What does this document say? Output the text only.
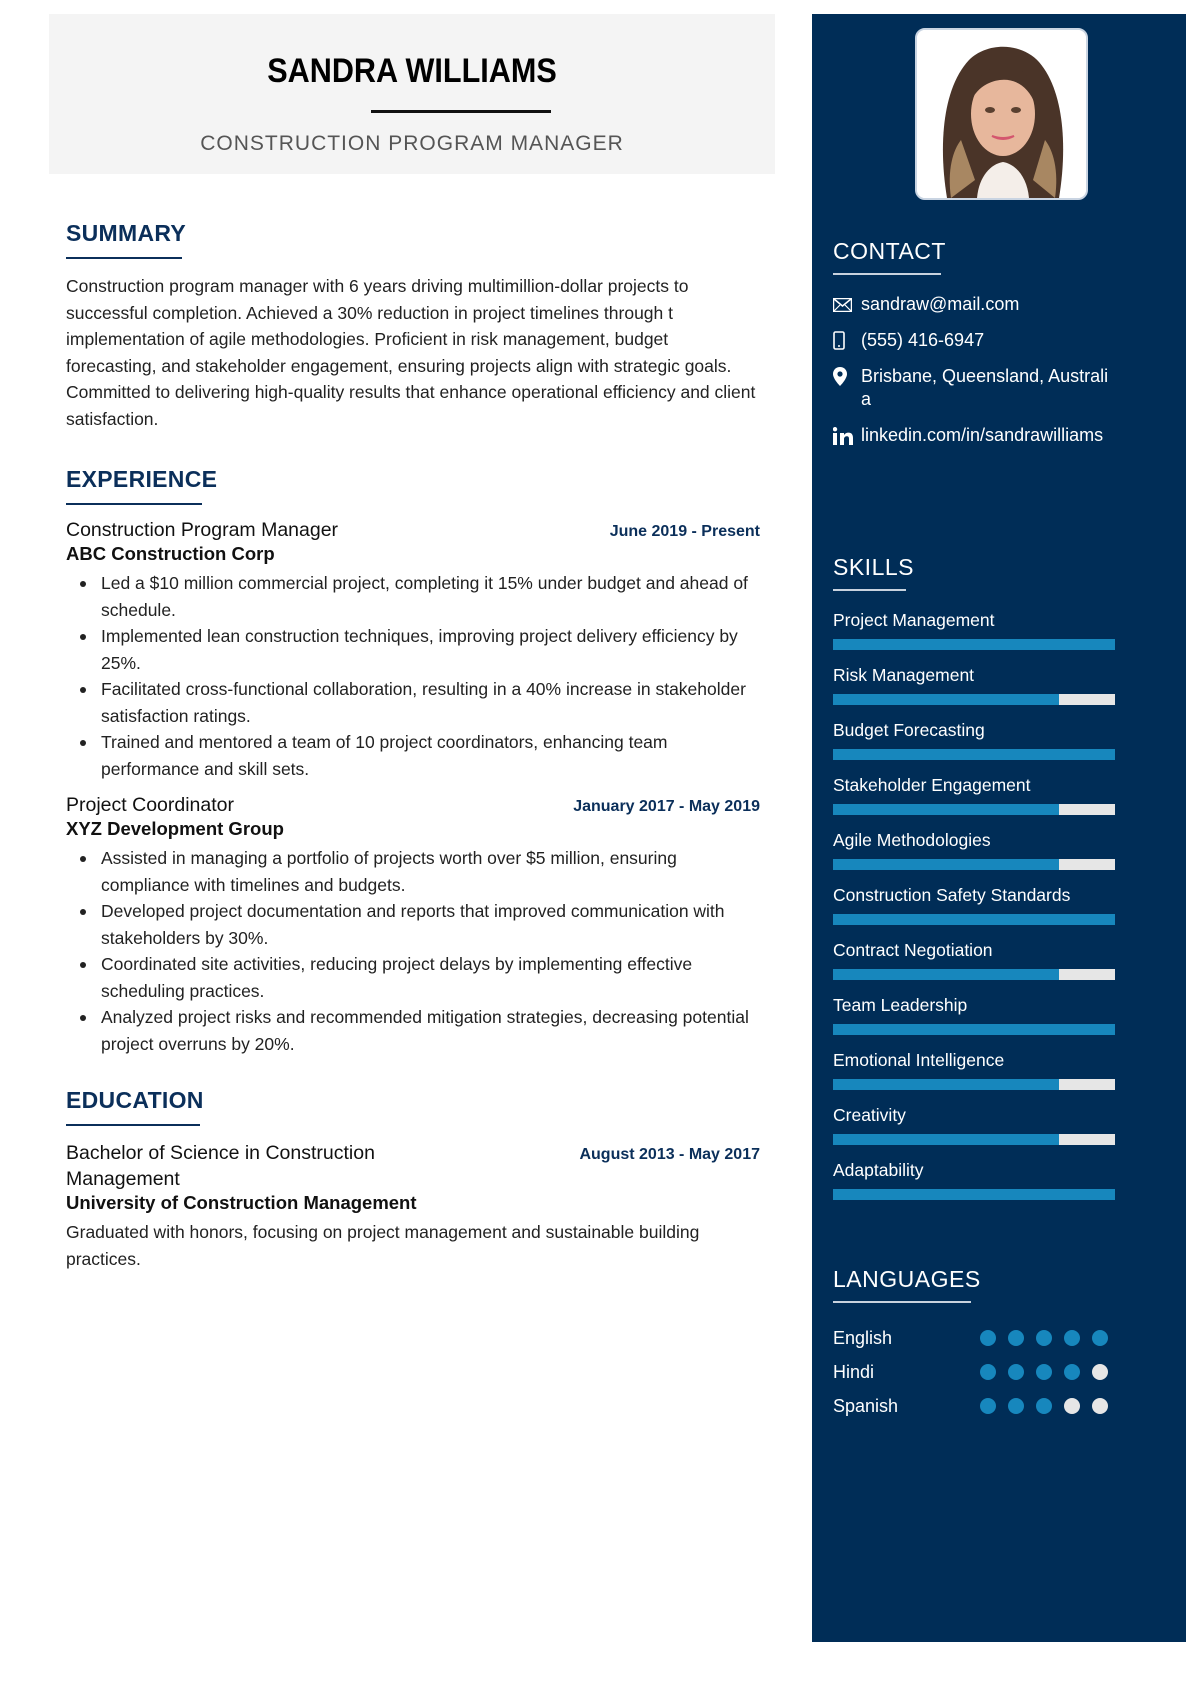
SANDRA WILLIAMS
CONSTRUCTION PROGRAM MANAGER
SUMMARY

Construction program manager with 6 years driving multimillion-dollar projects to successful completion. Achieved a 30% reduction in project timelines through t implementation of agile methodologies. Proficient in risk management, budget forecasting, and stakeholder engagement, ensuring projects align with strategic goals. Committed to delivering high-quality results that enhance operational efficiency and client satisfaction.

EXPERIENCE
Construction Program Manager	June 2019 - Present
ABC Construction Corp
Led a $10 million commercial project, completing it 15% under budget and ahead of schedule.
Implemented lean construction techniques, improving project delivery efficiency by 25%.
Facilitated cross-functional collaboration, resulting in a 40% increase in stakeholder satisfaction ratings.
Trained and mentored a team of 10 project coordinators, enhancing team performance and skill sets.
Project Coordinator	January 2017 - May 2019
XYZ Development Group
Assisted in managing a portfolio of projects worth over $5 million, ensuring compliance with timelines and budgets.
Developed project documentation and reports that improved communication with stakeholders by 30%.
Coordinated site activities, reducing project delays by implementing effective scheduling practices.
Analyzed project risks and recommended mitigation strategies, decreasing potential project overruns by 20%.
EDUCATION
Bachelor of Science in Construction Management
August 2013 - May 2017
University of Construction Management

Graduated with honors, focusing on project management and sustainable building practices.

CONTACT
sandraw@mail.com
(555) 416-6947
Brisbane, Queensland, Australia
linkedin.com/in/sandrawilliams
SKILLS
Project Management
Risk Management
Budget Forecasting
Stakeholder Engagement
Agile Methodologies
Construction Safety Standards
Contract Negotiation
Team Leadership
Emotional Intelligence
Creativity
Adaptability
LANGUAGES
English
Hindi
Spanish
